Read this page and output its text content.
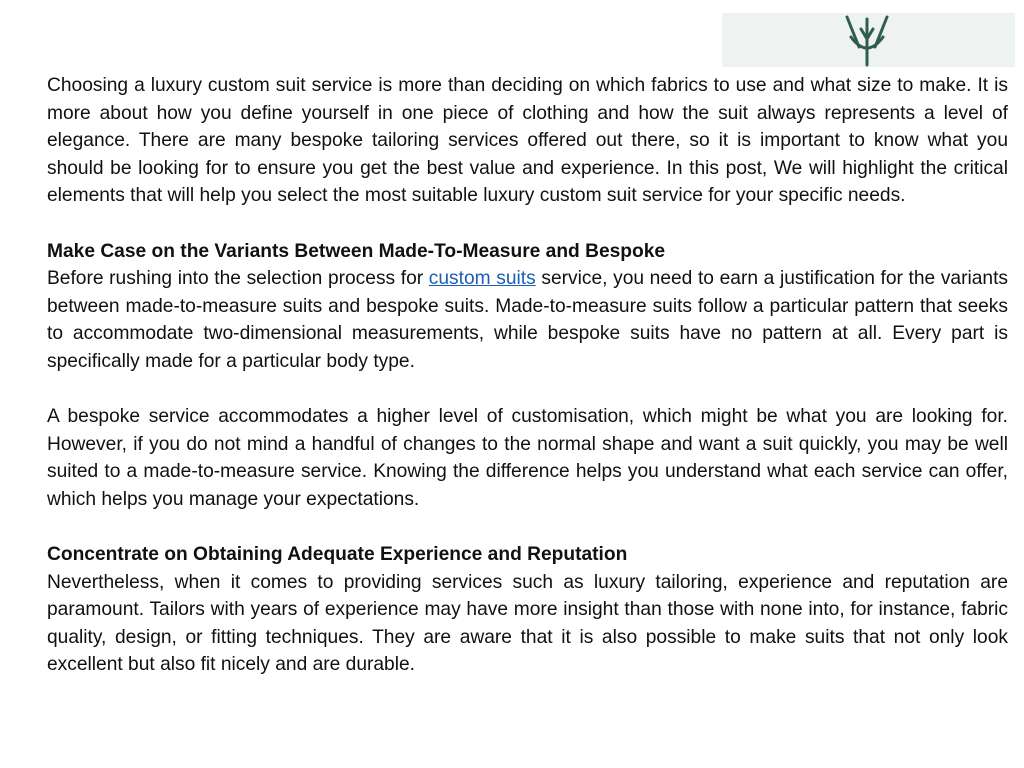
Choosing a luxury custom suit service is more than deciding on which fabrics to use and what size to make. It is more about how you define yourself in one piece of clothing and how the suit always represents a level of elegance. There are many bespoke tailoring services offered out there, so it is important to know what you should be looking for to ensure you get the best value and experience. In this post, We will highlight the critical elements that will help you select the most suitable luxury custom suit service for your specific needs.

Make Case on the Variants Between Made-To-Measure and Bespoke

Before rushing into the selection process for custom suits service, you need to earn a justification for the variants between made-to-measure suits and bespoke suits. Made-to-measure suits follow a particular pattern that seeks to accommodate two-dimensional measurements, while bespoke suits have no pattern at all. Every part is specifically made for a particular body type.

A bespoke service accommodates a higher level of customisation, which might be what you are looking for. However, if you do not mind a handful of changes to the normal shape and want a suit quickly, you may be well suited to a made-to-measure service. Knowing the difference helps you understand what each service can offer, which helps you manage your expectations.

Concentrate on Obtaining Adequate Experience and Reputation

Nevertheless, when it comes to providing services such as luxury tailoring, experience and reputation are paramount. Tailors with years of experience may have more insight than those with none into, for instance, fabric quality, design, or fitting techniques. They are aware that it is also possible to make suits that not only look excellent but also fit nicely and are durable.
